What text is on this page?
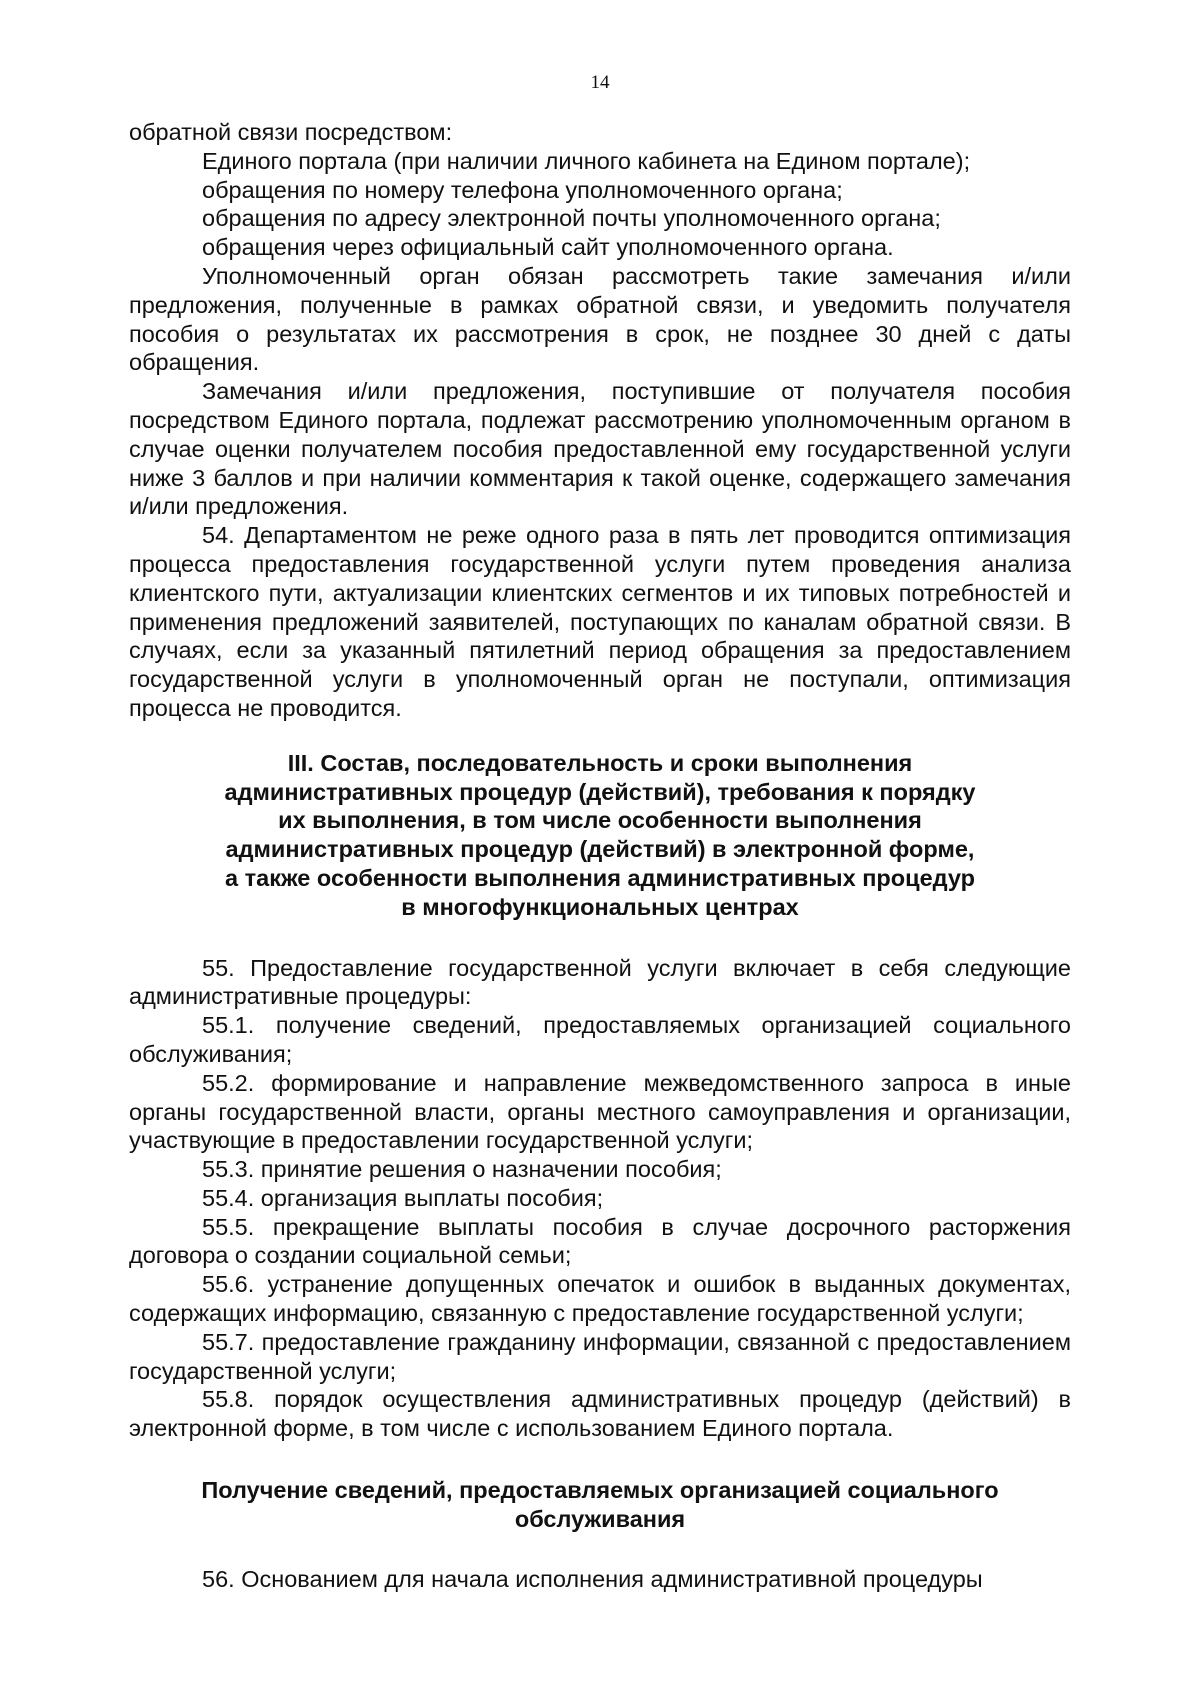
14

обратной связи посредством:

Единого портала (при наличии личного кабинета на Едином портале);

обращения по номеру телефона уполномоченного органа;

обращения по адресу электронной почты уполномоченного органа;

обращения через официальный сайт уполномоченного органа.

Уполномоченный орган обязан рассмотреть такие замечания и/или предложения, полученные в рамках обратной связи, и уведомить получателя пособия о результатах их рассмотрения в срок, не позднее 30 дней с даты обращения.

Замечания и/или предложения, поступившие от получателя пособия посредством Единого портала, подлежат рассмотрению уполномоченным органом в случае оценки получателем пособия предоставленной ему государственной услуги ниже 3 баллов и при наличии комментария к такой оценке, содержащего замечания и/или предложения.

54. Департаментом не реже одного раза в пять лет проводится оптимизация процесса предоставления государственной услуги путем проведения анализа клиентского пути, актуализации клиентских сегментов и их типовых потребностей и применения предложений заявителей, поступающих по каналам обратной связи. В случаях, если за указанный пятилетний период обращения за предоставлением государственной услуги в уполномоченный орган не поступали, оптимизация процесса не проводится.

III. Состав, последовательность и сроки выполнения
административных процедур (действий), требования к порядку
их выполнения, в том числе особенности выполнения
административных процедур (действий) в электронной форме,
а также особенности выполнения административных процедур
в многофункциональных центрах

55. Предоставление государственной услуги включает в себя следующие административные процедуры:

55.1. получение сведений, предоставляемых организацией социального обслуживания;

55.2. формирование и направление межведомственного запроса в иные органы государственной власти, органы местного самоуправления и организации, участвующие в предоставлении государственной услуги;

55.3. принятие решения о назначении пособия;

55.4. организация выплаты пособия;

55.5. прекращение выплаты пособия в случае досрочного расторжения договора о создании социальной семьи;

55.6. устранение допущенных опечаток и ошибок в выданных документах, содержащих информацию, связанную с предоставление государственной услуги;

55.7. предоставление гражданину информации, связанной с предоставлением государственной услуги;

55.8. порядок осуществления административных процедур (действий) в электронной форме, в том числе с использованием Единого портала.

Получение сведений, предоставляемых организацией социального
обслуживания

56. Основанием для начала исполнения административной процедуры
